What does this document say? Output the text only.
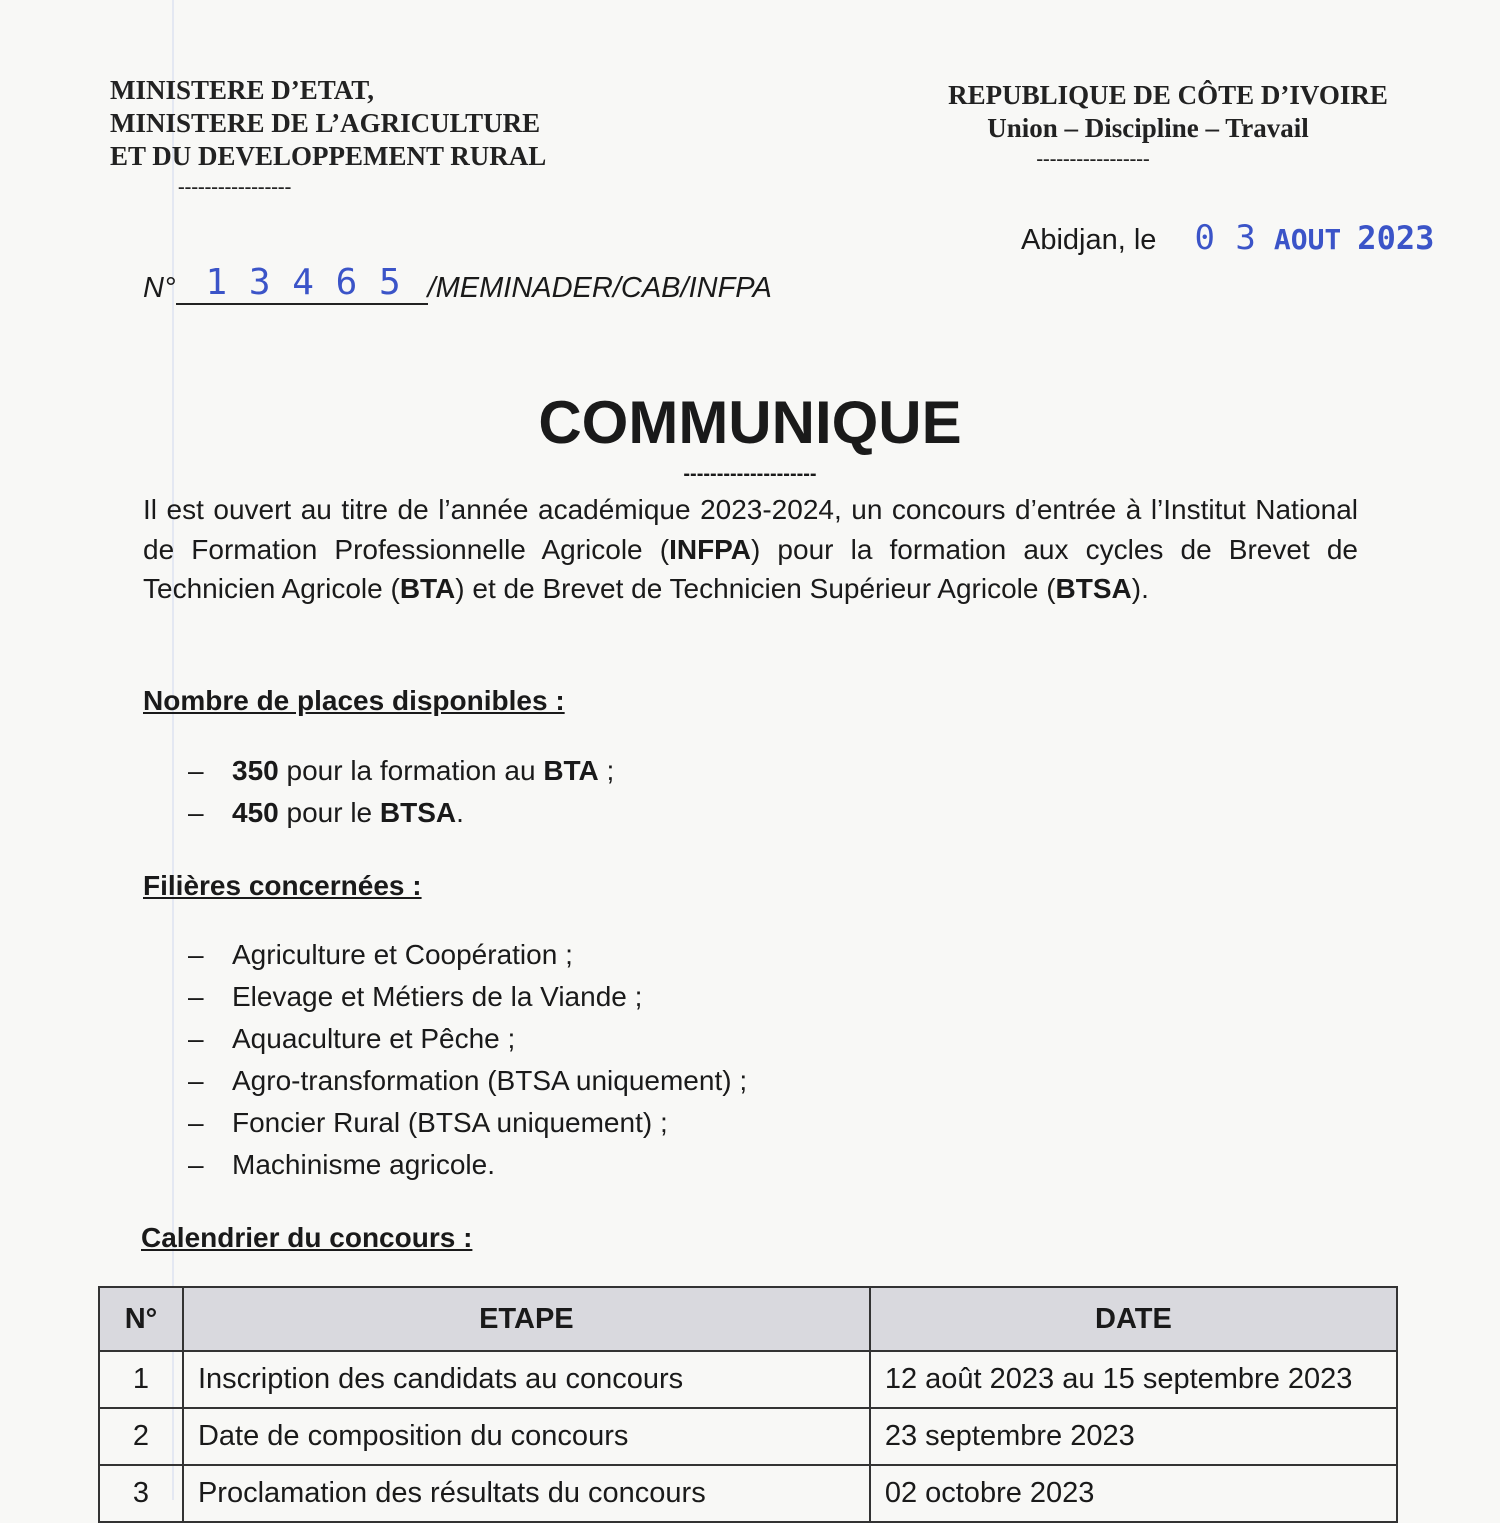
MINISTERE D’ETAT,
MINISTERE DE L’AGRICULTURE
ET DU DEVELOPPEMENT RURAL
-----------------
REPUBLIQUE DE CÔTE D’IVOIRE
Union – Discipline – Travail
-----------------
Abidjan, le 0 3 AOUT 2023
N° 1 3 4 6 5 /MEMINADER/CAB/INFPA
COMMUNIQUE
--------------------
Il est ouvert au titre de l’année académique 2023-2024, un concours d’entrée à l’Institut National de Formation Professionnelle Agricole (INFPA) pour la formation aux cycles de Brevet de Technicien Agricole (BTA) et de Brevet de Technicien Supérieur Agricole (BTSA).
Nombre de places disponibles :
– 350 pour la formation au BTA ;
– 450 pour le BTSA.
Filières concernées :
– Agriculture et Coopération ;
– Elevage et Métiers de la Viande ;
– Aquaculture et Pêche ;
– Agro-transformation (BTSA uniquement) ;
– Foncier Rural (BTSA uniquement) ;
– Machinisme agricole.
Calendrier du concours :
N°	ETAPE	DATE
1	Inscription des candidats au concours	12 août 2023 au 15 septembre 2023
2	Date de composition du concours	23 septembre 2023
3	Proclamation des résultats du concours	02 octobre 2023
